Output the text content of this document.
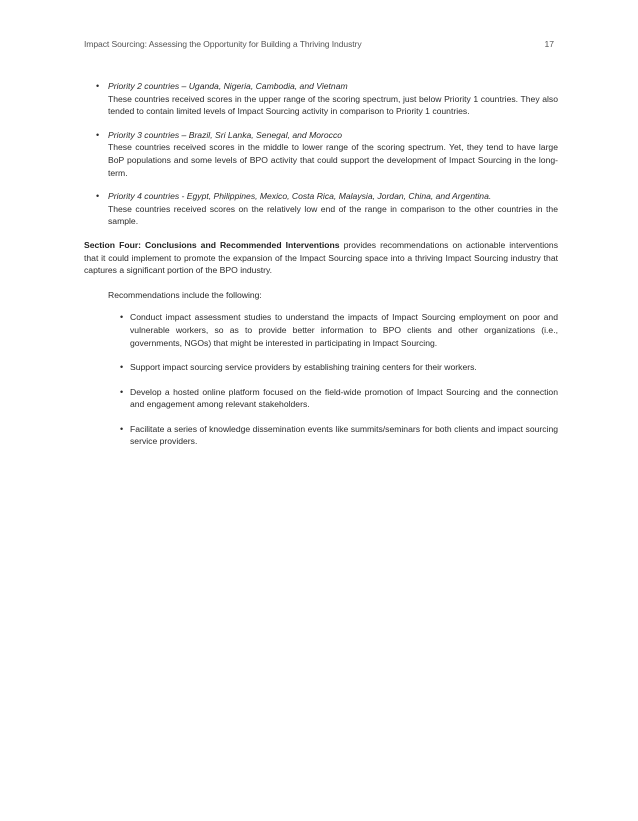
Impact Sourcing: Assessing the Opportunity for Building a Thriving Industry	17
• Priority 2 countries – Uganda, Nigeria, Cambodia, and Vietnam
These countries received scores in the upper range of the scoring spectrum, just below Priority 1 countries. They also tended to contain limited levels of Impact Sourcing activity in comparison to Priority 1 countries.
• Priority 3 countries – Brazil, Sri Lanka, Senegal, and Morocco
These countries received scores in the middle to lower range of the scoring spectrum. Yet, they tend to have large BoP populations and some levels of BPO activity that could support the development of Impact Sourcing in the long-term.
• Priority 4 countries - Egypt, Philippines, Mexico, Costa Rica, Malaysia, Jordan, China, and Argentina.
These countries received scores on the relatively low end of the range in comparison to the other countries in the sample.

Section Four: Conclusions and Recommended Interventions provides recommendations on actionable interventions that it could implement to promote the expansion of the Impact Sourcing space into a thriving Impact Sourcing industry that captures a significant portion of the BPO industry.

Recommendations include the following:

• Conduct impact assessment studies to understand the impacts of Impact Sourcing employment on poor and vulnerable workers, so as to provide better information to BPO clients and other organizations (i.e., governments, NGOs) that might be interested in participating in Impact Sourcing.
• Support impact sourcing service providers by establishing training centers for their workers.
• Develop a hosted online platform focused on the field-wide promotion of Impact Sourcing and the connection and engagement among relevant stakeholders.
• Facilitate a series of knowledge dissemination events like summits/seminars for both clients and impact sourcing service providers.
